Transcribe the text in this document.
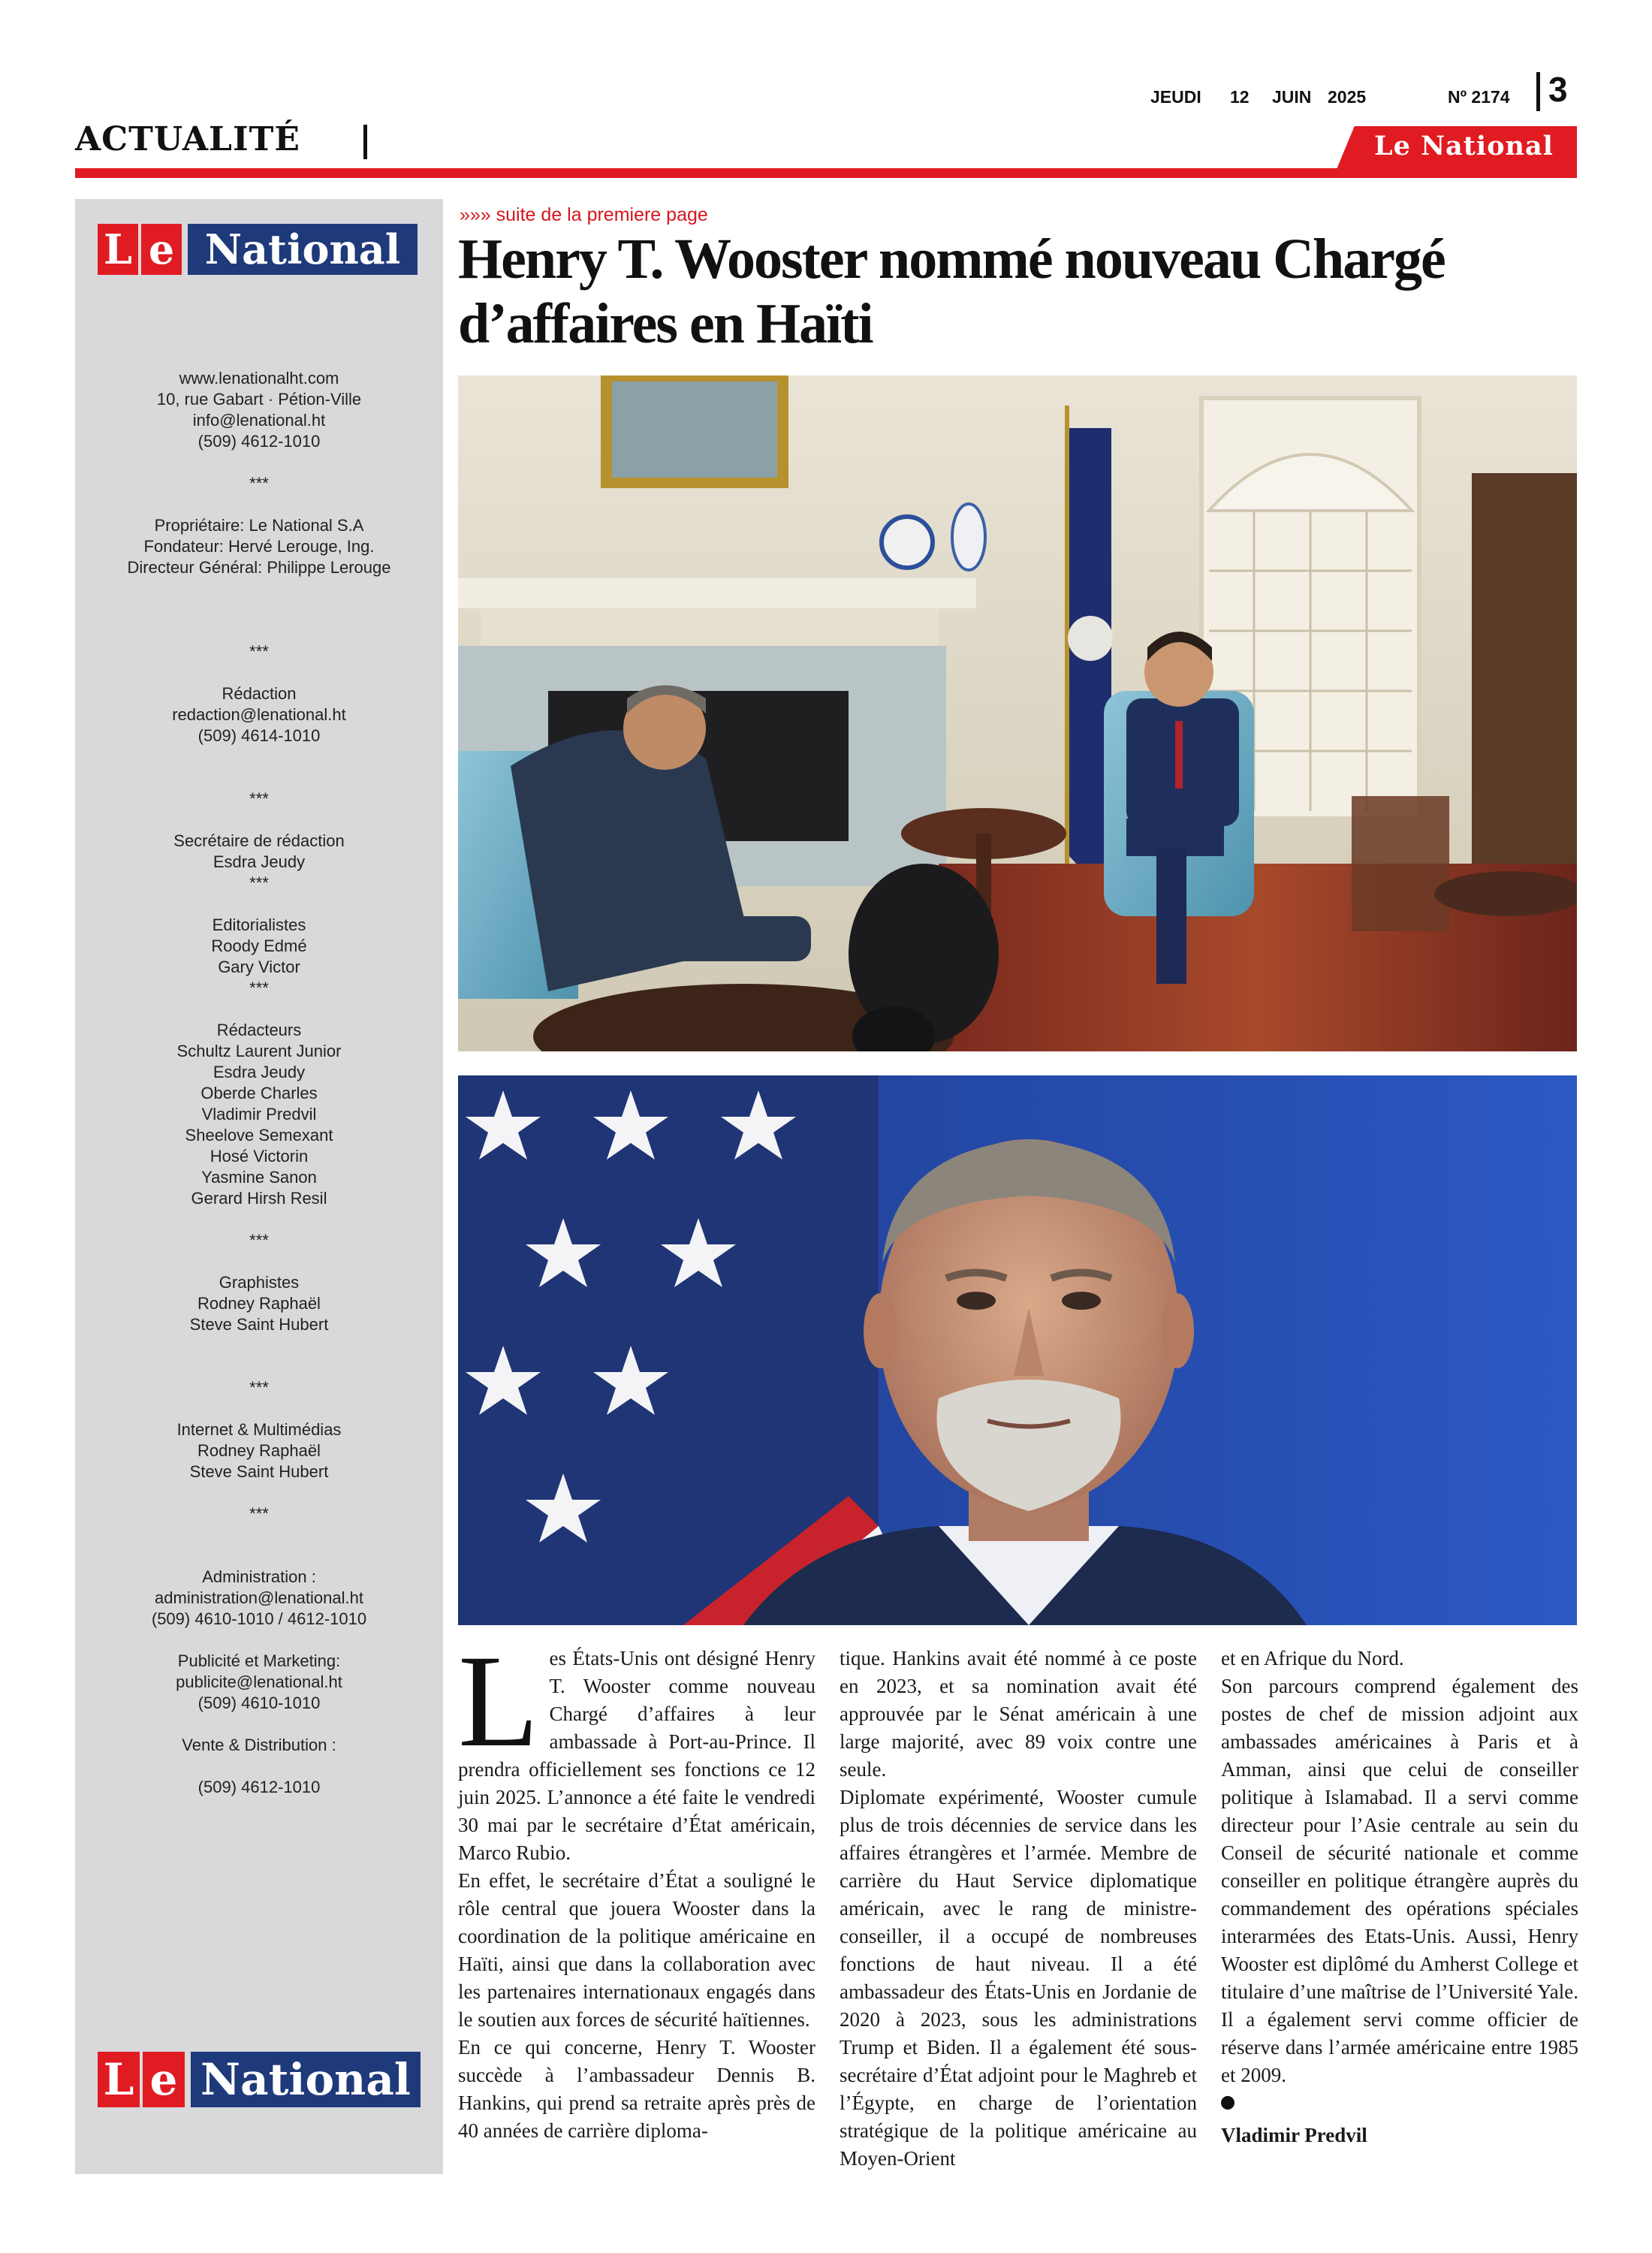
ACTUALITÉ
JEUDI 12 JUIN 2025	Nº 2174 3
Le National
L e National
www.lenationalht.com
10, rue Gabart · Pétion-Ville
info@lenational.ht
(509) 4612-1010
***
Propriétaire: Le National S.A
Fondateur: Hervé Lerouge, Ing.
Directeur Général: Philippe Lerouge
***
Rédaction
redaction@lenational.ht
(509) 4614-1010
***
Secrétaire de rédaction
Esdra Jeudy
***
Editorialistes
Roody Edmé
Gary Victor
***
Rédacteurs
Schultz Laurent Junior
Esdra Jeudy
Oberde Charles
Vladimir Predvil
Sheelove Semexant
Hosé Victorin
Yasmine Sanon
Gerard Hirsh Resil
***
Graphistes
Rodney Raphaël
Steve Saint Hubert
***
Internet & Multimédias
Rodney Raphaël
Steve Saint Hubert
***
Administration :
administration@lenational.ht
(509) 4610-1010 / 4612-1010
Publicité et Marketing:
publicite@lenational.ht
(509) 4610-1010
Vente & Distribution :
(509) 4612-1010
L e National
»»» suite de la premiere page
Henry T. Wooster nommé nouveau Chargé d’affaires en Haïti
L es États-Unis ont désigné Henry T. Wooster comme nouveau Chargé d’affaires à leur ambassade à Port-au-Prince. Il prendra officiellement ses fonctions ce 12 juin 2025. L’annonce a été faite le vendredi 30 mai par le secrétaire d’État américain, Marco Rubio.

En effet, le secrétaire d’État a souligné le rôle central que jouera Wooster dans la coordination de la politique américaine en Haïti, ainsi que dans la collaboration avec les partenaires internationaux engagés dans le soutien aux forces de sécurité haïtiennes.

En ce qui concerne, Henry T. Wooster succède à l’ambassadeur Dennis B. Hankins, qui prend sa retraite après près de 40 années de carrière diploma-

tique. Hankins avait été nommé à ce poste en 2023, et sa nomination avait été approuvée par le Sénat américain à une large majorité, avec 89 voix contre une seule.

Diplomate expérimenté, Wooster cumule plus de trois décennies de service dans les affaires étrangères et l’armée. Membre de carrière du Haut Service diplomatique américain, avec le rang de ministre-conseiller, il a occupé de nombreuses fonctions de haut niveau. Il a été ambassadeur des États-Unis en Jordanie de 2020 à 2023, sous les administrations Trump et Biden. Il a également été sous-secrétaire d’État adjoint pour le Maghreb et l’Égypte, en charge de l’orientation stratégique de la politique américaine au Moyen-Orient

et en Afrique du Nord.

Son parcours comprend également des postes de chef de mission adjoint aux ambassades américaines à Paris et à Amman, ainsi que celui de conseiller politique à Islamabad. Il a servi comme directeur pour l’Asie centrale au sein du Conseil de sécurité nationale et comme conseiller en politique étrangère auprès du commandement des opérations spéciales interarmées des Etats-Unis. Aussi, Henry Wooster est diplômé du Amherst College et titulaire d’une maîtrise de l’Université Yale. Il a également servi comme officier de réserve dans l’armée américaine entre 1985 et 2009.

Vladimir Predvil
